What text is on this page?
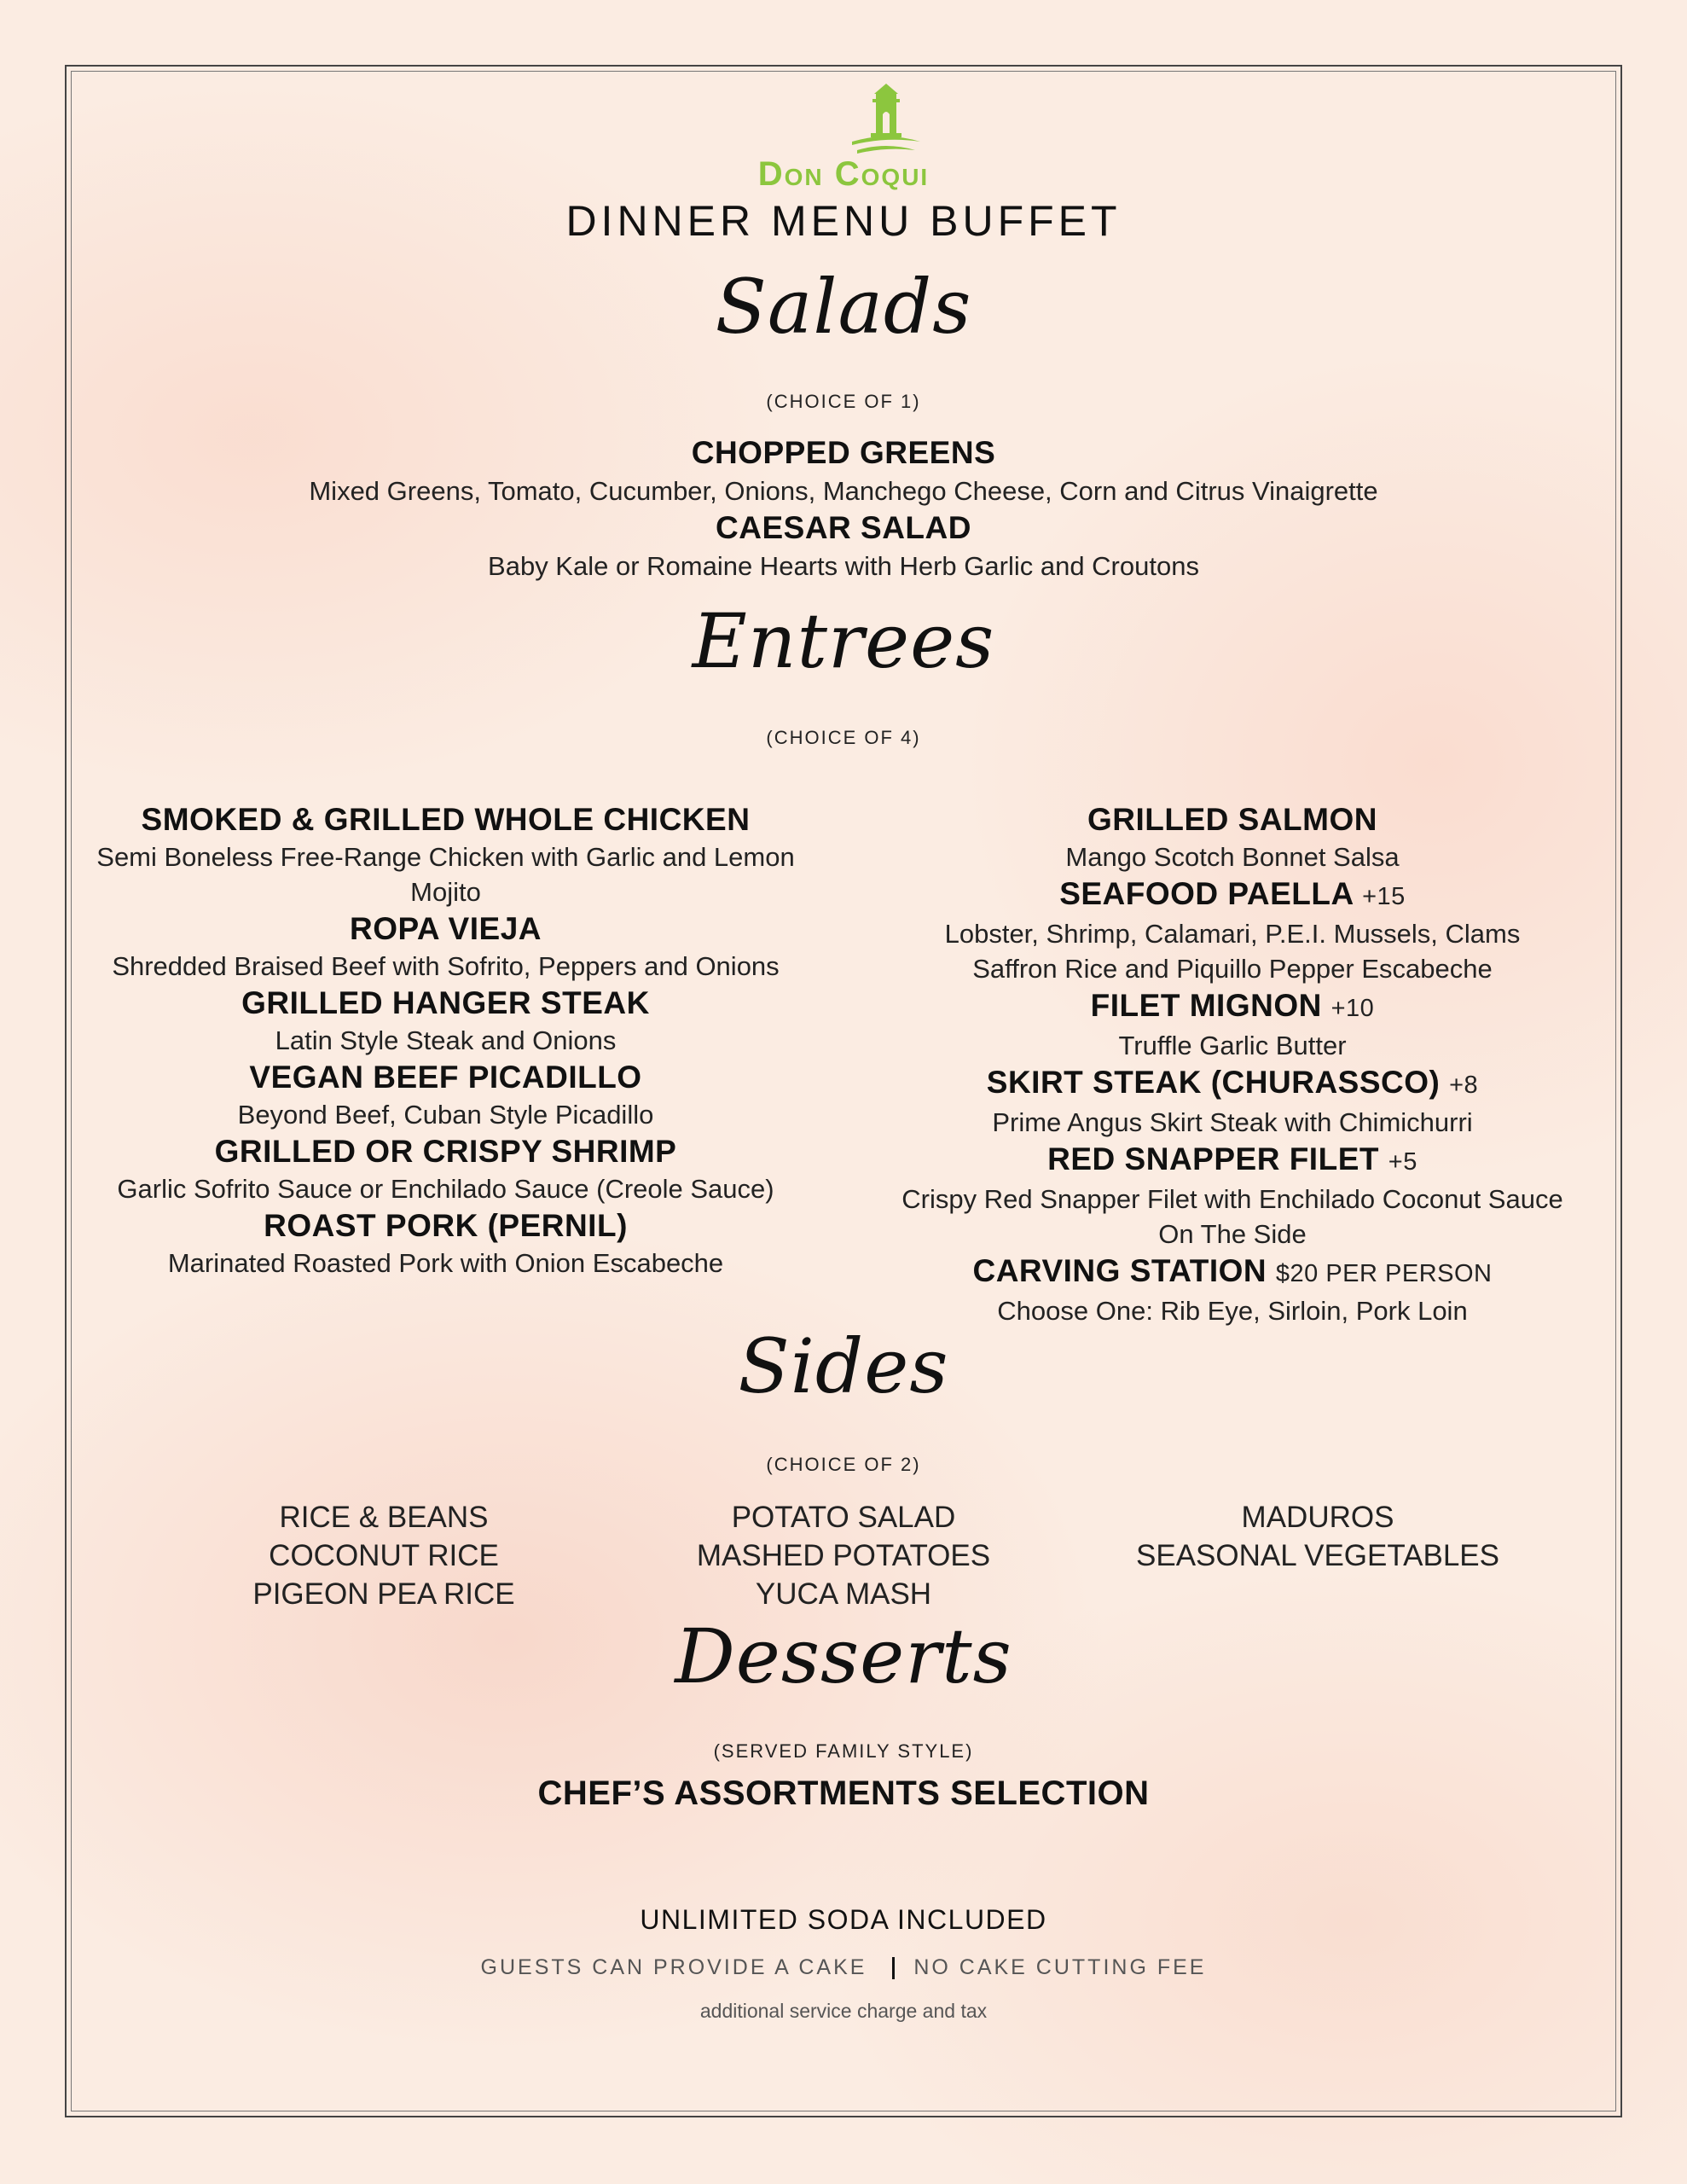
Don Coqui
DINNER MENU BUFFET
Salads
(CHOICE OF 1)
CHOPPED GREENS
Mixed Greens, Tomato, Cucumber, Onions, Manchego Cheese, Corn and Citrus Vinaigrette
CAESAR SALAD
Baby Kale or Romaine Hearts with Herb Garlic and Croutons
Entrees
(CHOICE OF 4)
SMOKED & GRILLED WHOLE CHICKEN
Semi Boneless Free-Range Chicken with Garlic and Lemon
Mojito
ROPA VIEJA
Shredded Braised Beef with Sofrito, Peppers and Onions
GRILLED HANGER STEAK
Latin Style Steak and Onions
VEGAN BEEF PICADILLO
Beyond Beef, Cuban Style Picadillo
GRILLED OR CRISPY SHRIMP
Garlic Sofrito Sauce or Enchilado Sauce (Creole Sauce)
ROAST PORK (PERNIL)
Marinated Roasted Pork with Onion Escabeche
GRILLED SALMON
Mango Scotch Bonnet Salsa
SEAFOOD PAELLA +15
Lobster, Shrimp, Calamari, P.E.I. Mussels, Clams
Saffron Rice and Piquillo Pepper Escabeche
FILET MIGNON +10
Truffle Garlic Butter
SKIRT STEAK (CHURASSCO) +8
Prime Angus Skirt Steak with Chimichurri
RED SNAPPER FILET +5
Crispy Red Snapper Filet with Enchilado Coconut Sauce
On The Side
CARVING STATION $20 PER PERSON
Choose One: Rib Eye, Sirloin, Pork Loin
Sides
(CHOICE OF 2)
RICE & BEANS
COCONUT RICE
PIGEON PEA RICE
POTATO SALAD
MASHED POTATOES
YUCA MASH
MADUROS
SEASONAL VEGETABLES
Desserts
(SERVED FAMILY STYLE)
CHEF’S ASSORTMENTS SELECTION
UNLIMITED SODA INCLUDED
GUESTS CAN PROVIDE A CAKE NO CAKE CUTTING FEE
additional service charge and tax
